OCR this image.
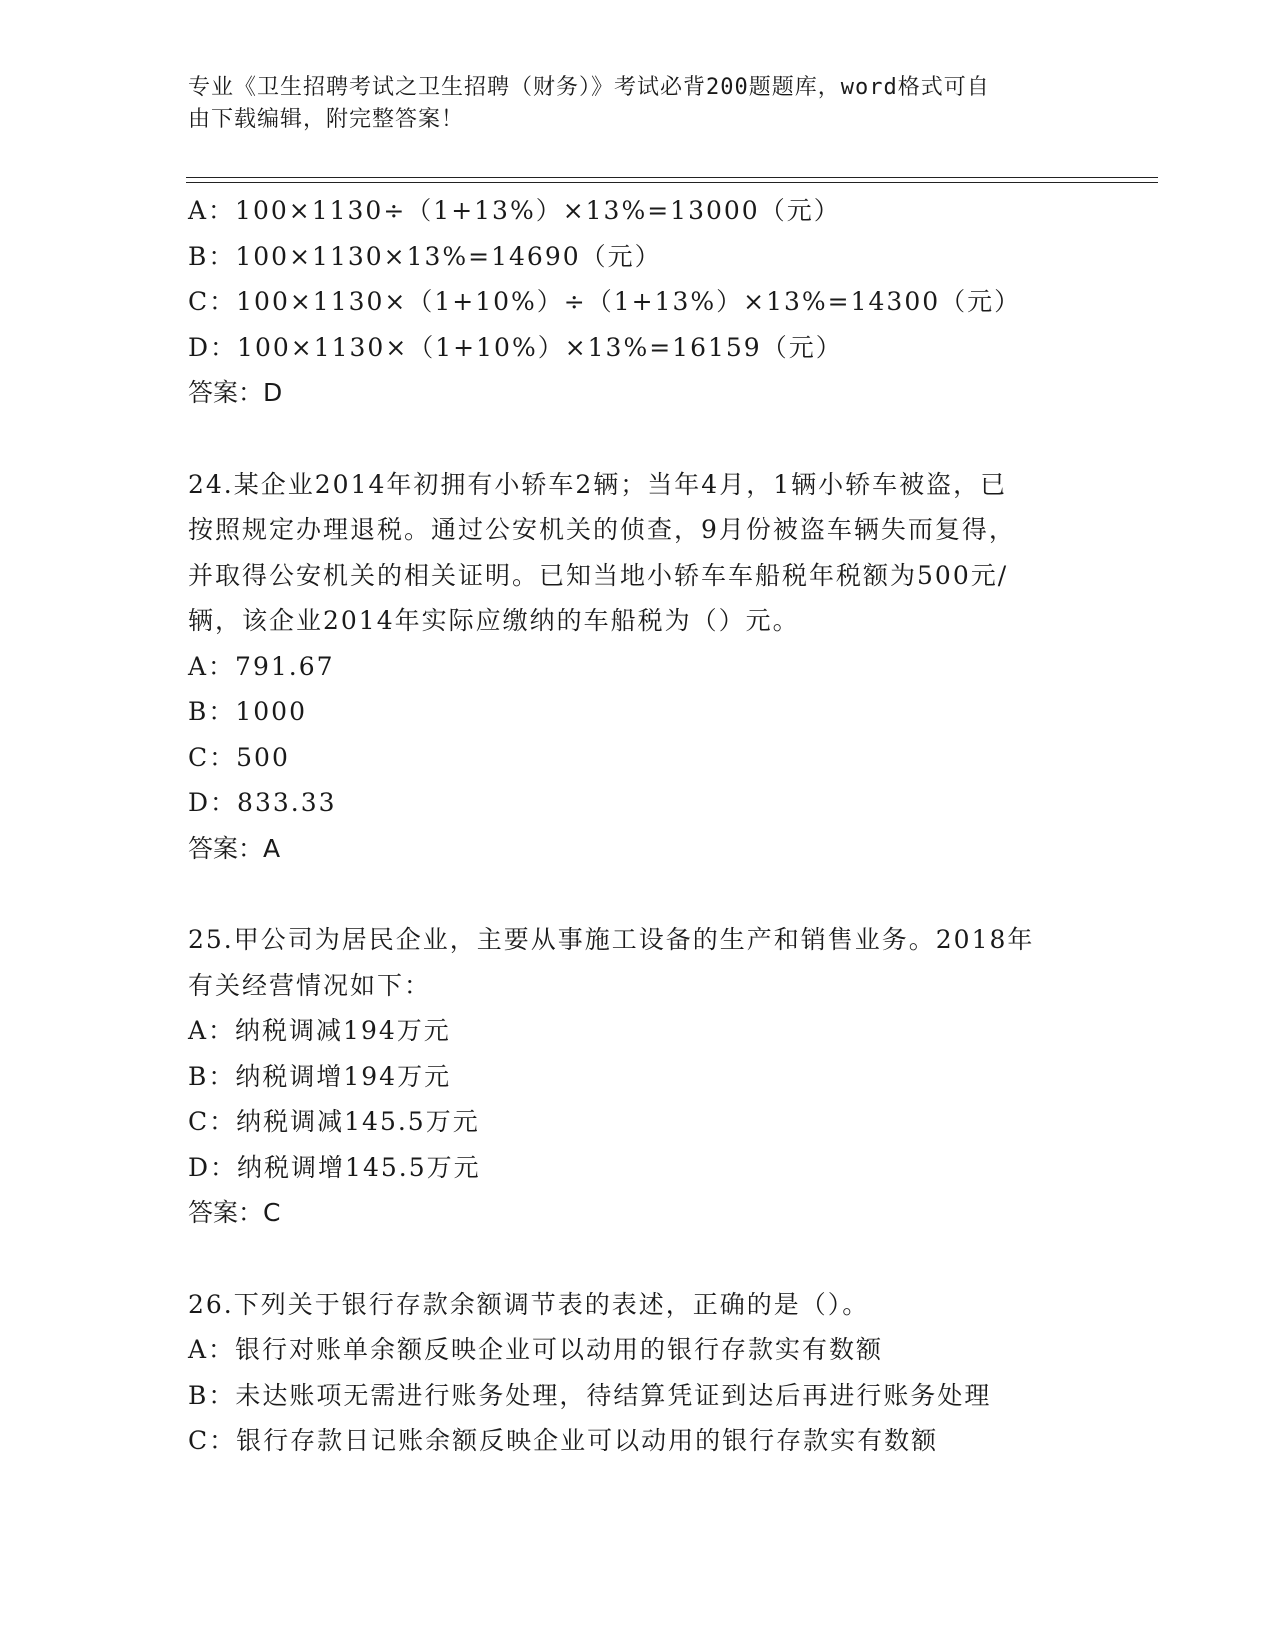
专业《卫生招聘考试之卫生招聘（财务）》考试必背200题题库，word格式可自
由下载编辑，附完整答案！
A：100×1130÷（1+13%）×13%=13000（元）
B：100×1130×13%=14690（元）
C：100×1130×（1+10%）÷（1+13%）×13%=14300（元）
D：100×1130×（1+10%）×13%=16159（元）
答案：D
24.某企业2014年初拥有小轿车2辆；当年4月，1辆小轿车被盗，已
按照规定办理退税。通过公安机关的侦查，9月份被盗车辆失而复得，
并取得公安机关的相关证明。已知当地小轿车车船税年税额为500元/
辆，该企业2014年实际应缴纳的车船税为（）元。
A：791.67
B：1000
C：500
D：833.33
答案：A
25.甲公司为居民企业，主要从事施工设备的生产和销售业务。2018年
有关经营情况如下：
A：纳税调减194万元
B：纳税调增194万元
C：纳税调减145.5万元
D：纳税调增145.5万元
答案：C
26.下列关于银行存款余额调节表的表述，正确的是（）。
A：银行对账单余额反映企业可以动用的银行存款实有数额
B：未达账项无需进行账务处理，待结算凭证到达后再进行账务处理
C：银行存款日记账余额反映企业可以动用的银行存款实有数额
